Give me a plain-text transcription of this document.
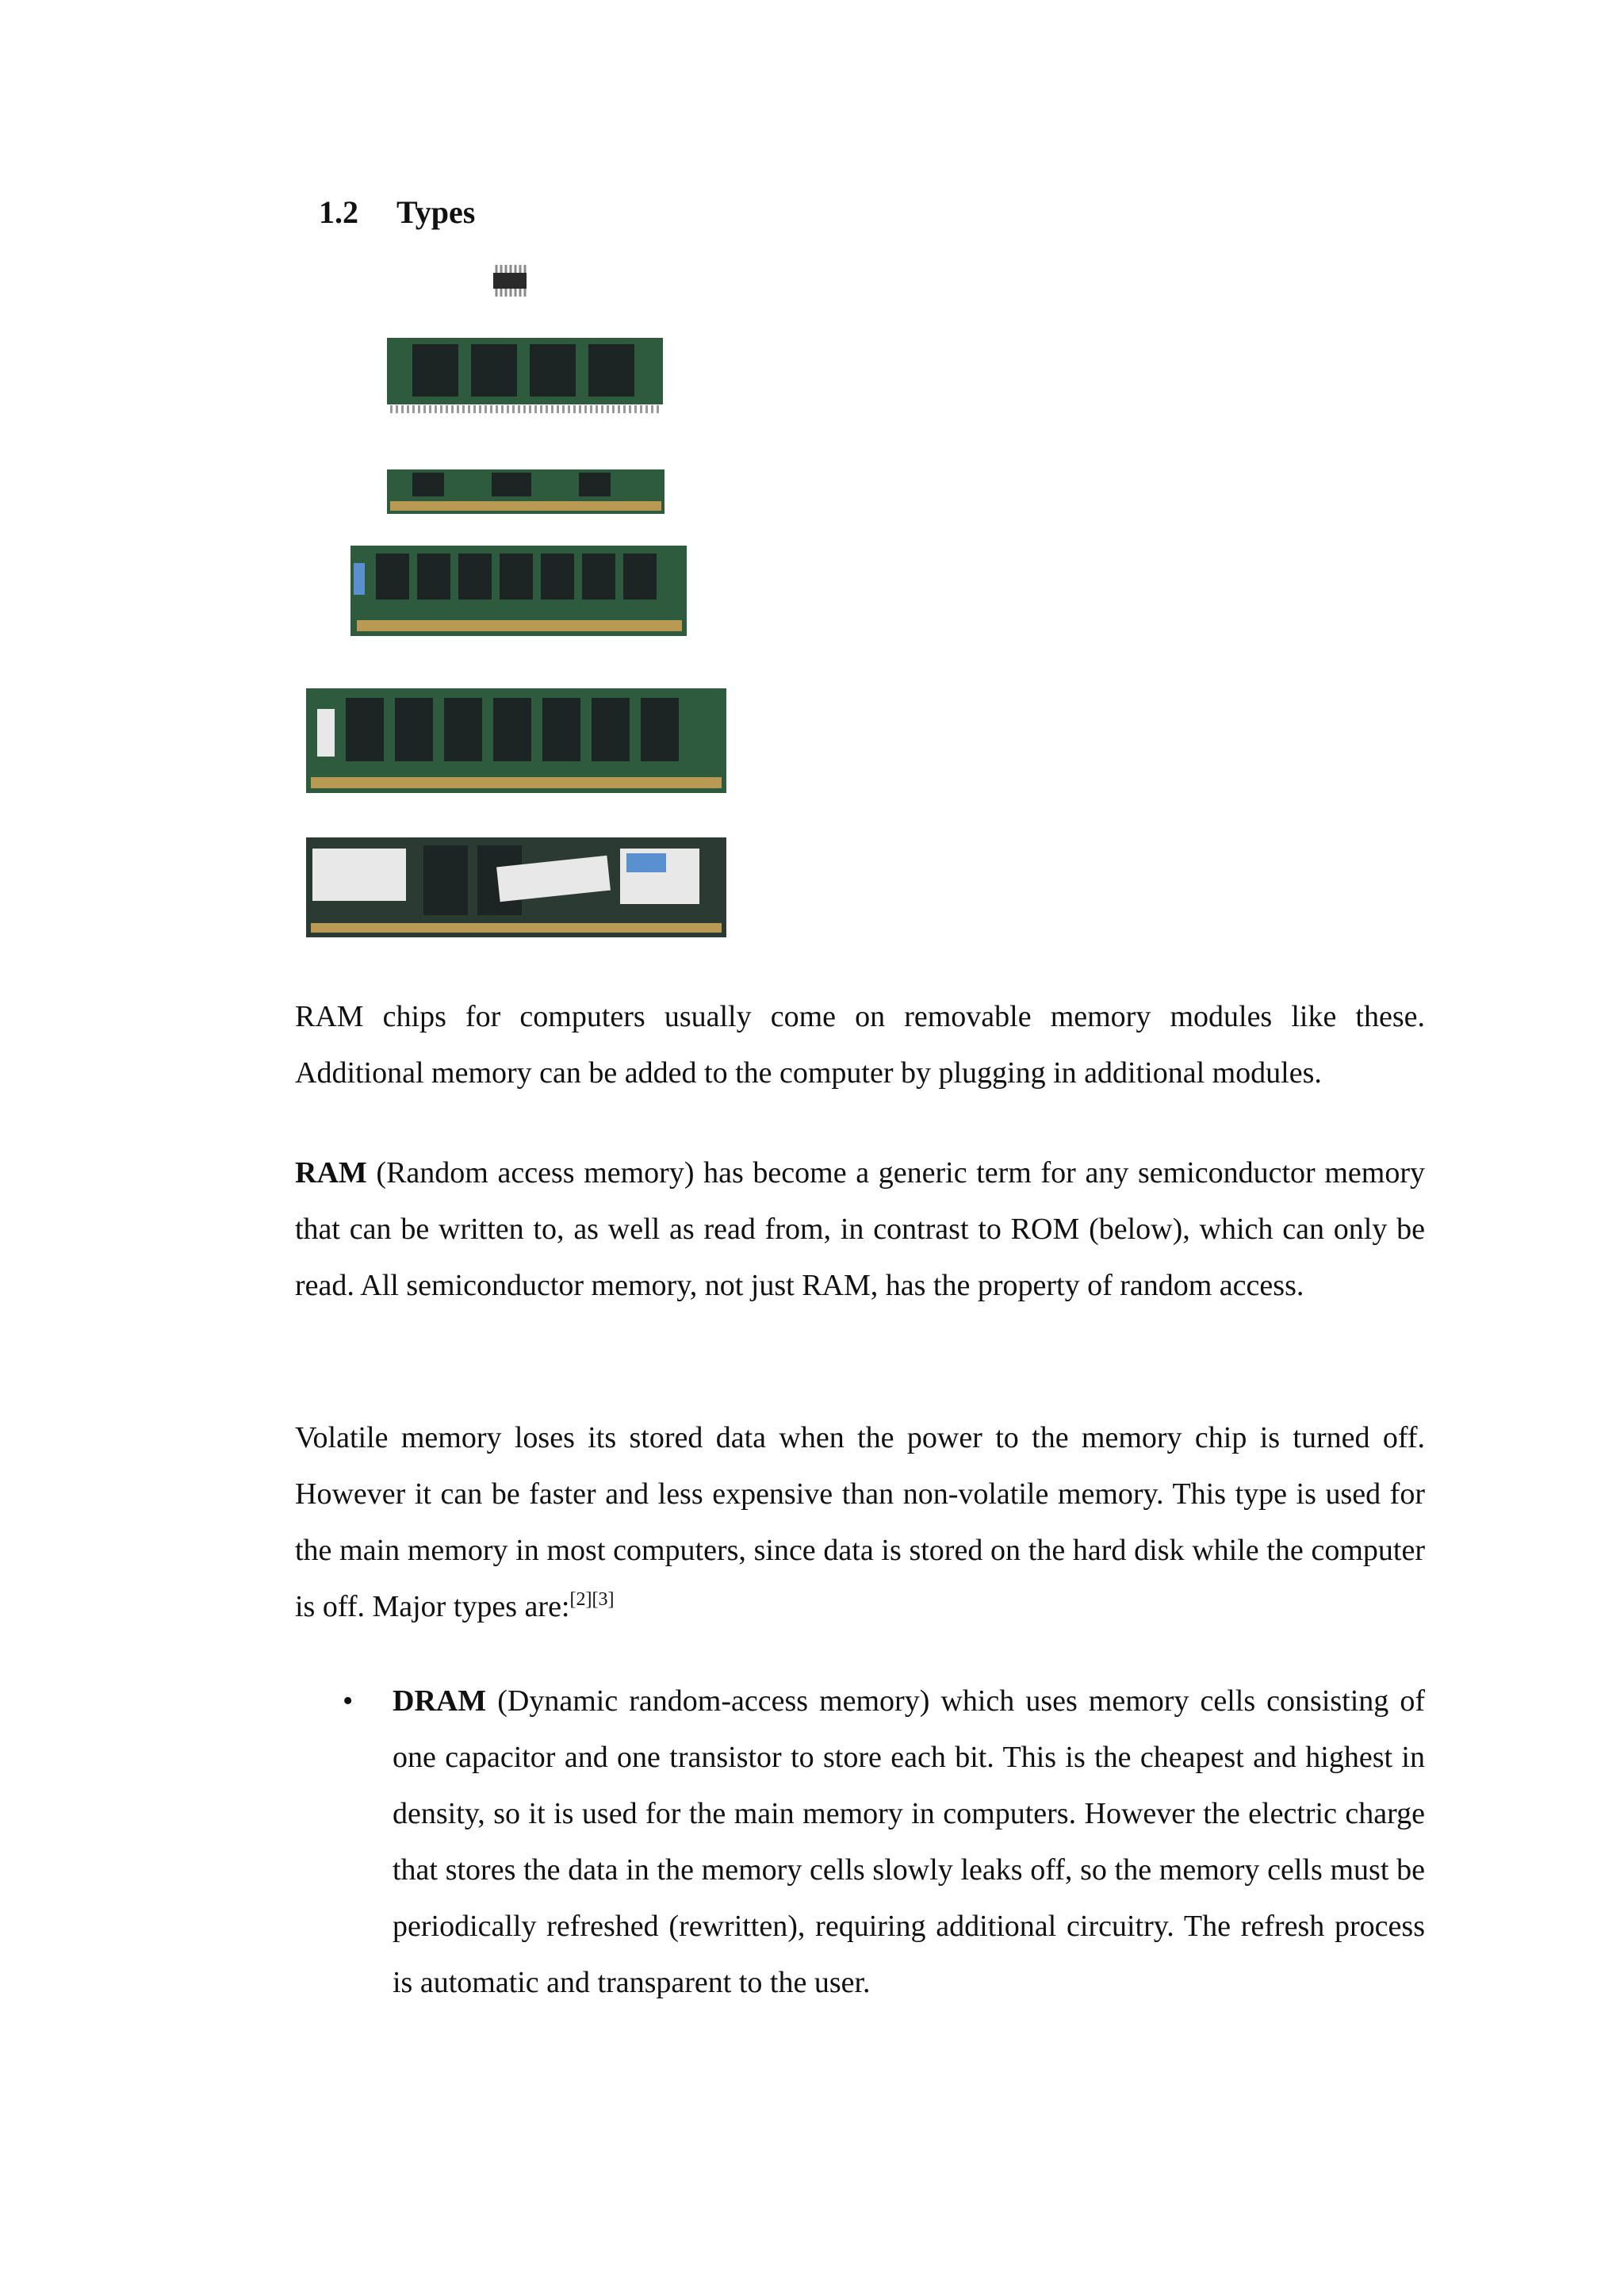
1.2 Types

RAM chips for computers usually come on removable memory modules like these. Additional memory can be added to the computer by plugging in additional modules.

RAM (Random access memory) has become a generic term for any semiconductor memory that can be written to, as well as read from, in contrast to ROM (below), which can only be read. All semiconductor memory, not just RAM, has the property of random access.

Volatile memory loses its stored data when the power to the memory chip is turned off. However it can be faster and less expensive than non-volatile memory. This type is used for the main memory in most computers, since data is stored on the hard disk while the computer is off. Major types are:[2][3]

• DRAM (Dynamic random-access memory) which uses memory cells consisting of one capacitor and one transistor to store each bit. This is the cheapest and highest in density, so it is used for the main memory in computers. However the electric charge that stores the data in the memory cells slowly leaks off, so the memory cells must be periodically refreshed (rewritten), requiring additional circuitry. The refresh process is automatic and transparent to the user.
